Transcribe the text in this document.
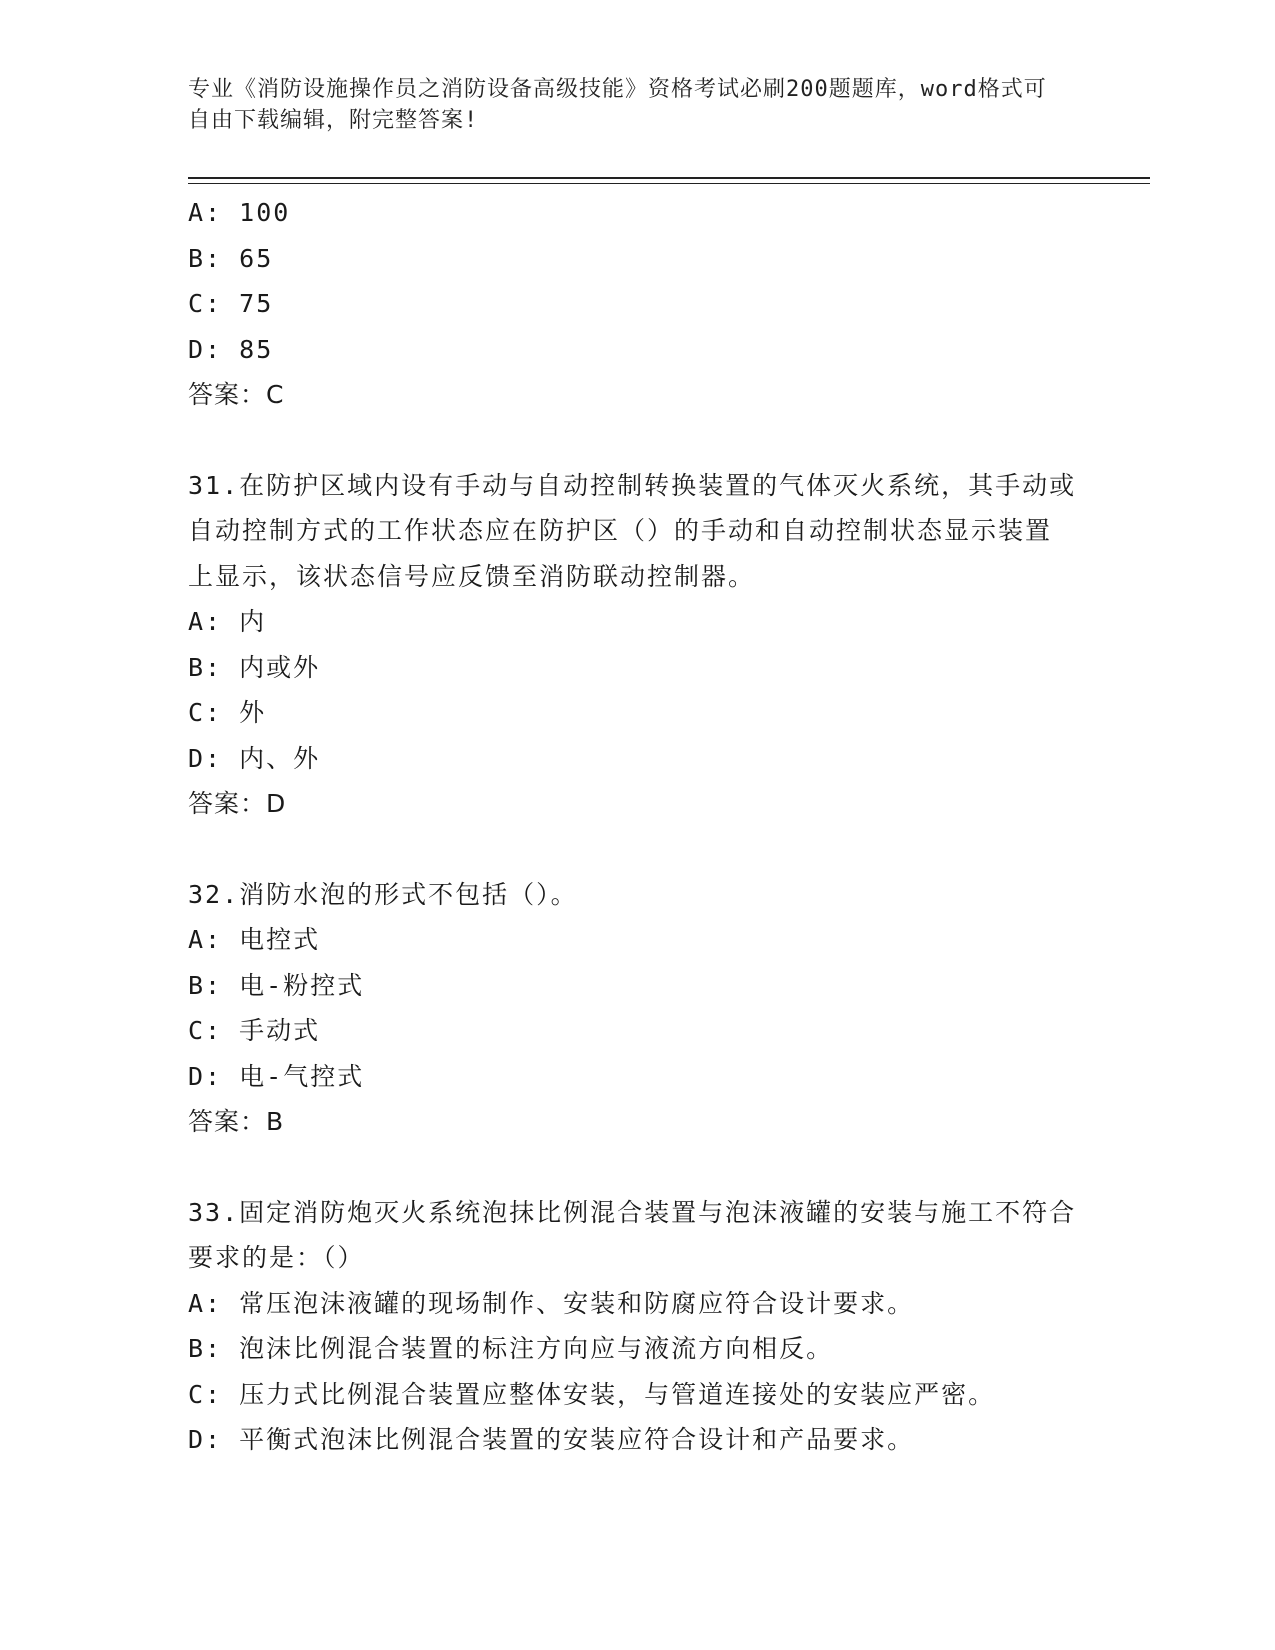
专业《消防设施操作员之消防设备高级技能》资格考试必刷200题题库，word格式可自由下载编辑，附完整答案!
A: 100
B: 65
C: 75
D: 85
答案：C
31.在防护区域内设有手动与自动控制转换装置的气体灭火系统，其手动或自动控制方式的工作状态应在防护区（）的手动和自动控制状态显示装置上显示，该状态信号应反馈至消防联动控制器。
A: 内
B: 内或外
C: 外
D: 内、外
答案：D
32.消防水泡的形式不包括（）。
A: 电控式
B: 电-粉控式
C: 手动式
D: 电-气控式
答案：B
33.固定消防炮灭火系统泡抹比例混合装置与泡沫液罐的安装与施工不符合要求的是：（）
A: 常压泡沫液罐的现场制作、安装和防腐应符合设计要求。
B: 泡沫比例混合装置的标注方向应与液流方向相反。
C: 压力式比例混合装置应整体安装，与管道连接处的安装应严密。
D: 平衡式泡沫比例混合装置的安装应符合设计和产品要求。
